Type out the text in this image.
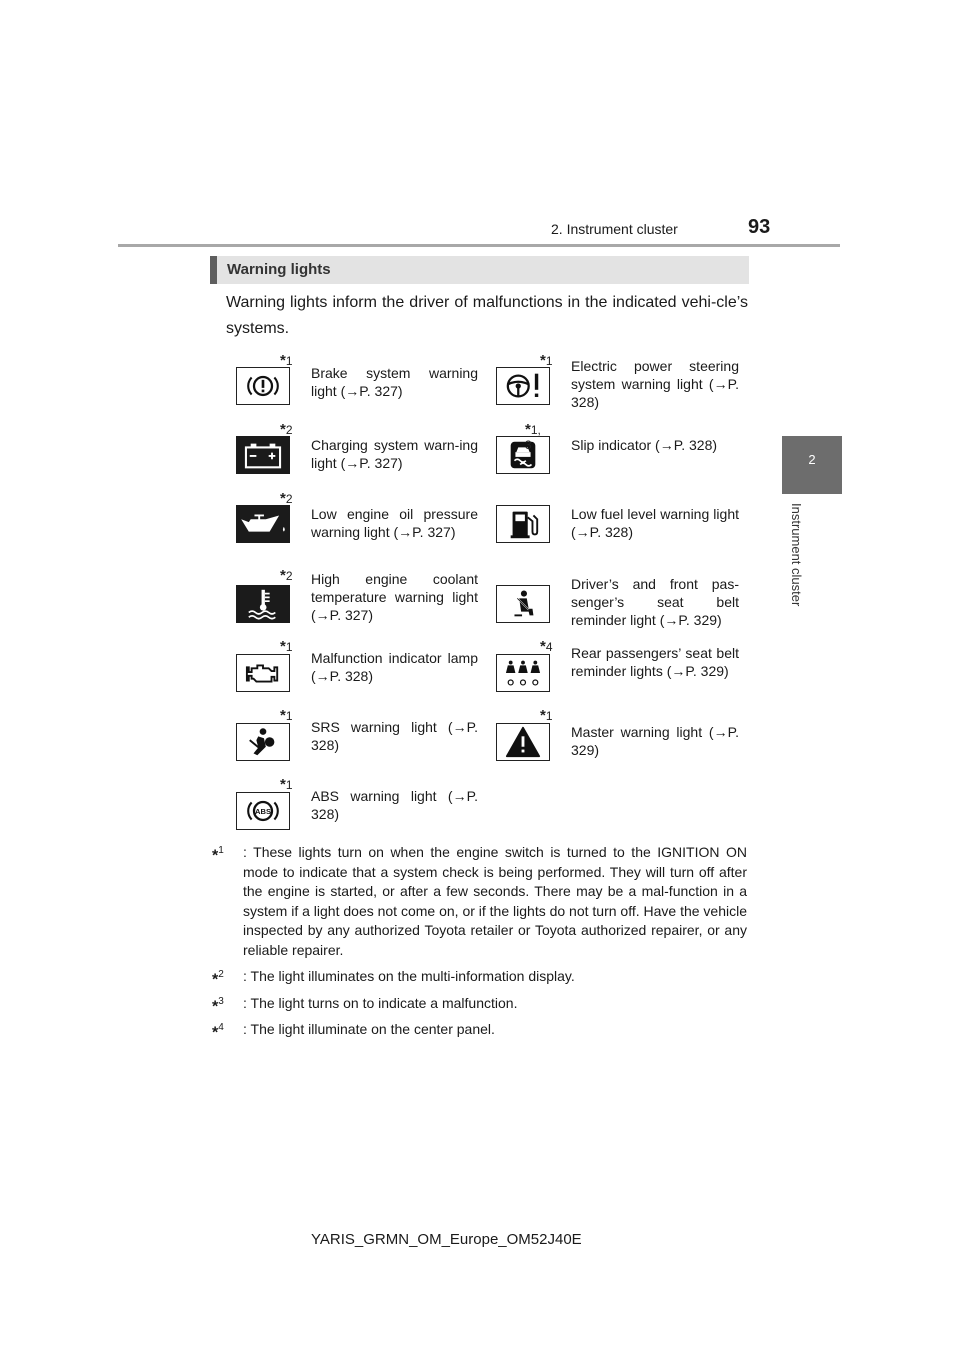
2. Instrument cluster	93
2
Instrument cluster
Warning lights
Warning lights inform the driver of malfunctions in the indicated vehi-cle’s systems.
*1
Brake system warning light (→P. 327)
*1 Electric power steering system warning light (→P. 328)
*2
Charging system warn-ing light (→P. 327)
*1, 3	Slip indicator (→P. 328)
*2
Low engine oil pressure warning light (→P. 327)
Low fuel level warning light (→P. 328)
*2 High engine coolant temperature warning light (→P. 327)
Driver’s and front pas-senger’s seat belt reminder light (→P. 329)
*1
Malfunction indicator lamp (→P. 328)
*4 Rear passengers’ seat belt reminder lights (→P. 329)
*1
SRS warning light (→P. 328)
*1
Master warning light (→P. 329)
ABS
*1
ABS warning light (→P. 328)
*$^1$ : These lights turn on when the engine switch is turned to the IGNITION ON mode to indicate that a system check is being performed. They will turn off after the engine is started, or after a few seconds. There may be a mal-function in a system if a light does not come on, or if the lights do not turn off. Have the vehicle inspected by any authorized Toyota retailer or Toyota authorized repairer, or any reliable repairer.
*$^2$ : The light illuminates on the multi-information display.
*$^3$ : The light turns on to indicate a malfunction.
*$^4$ : The light illuminate on the center panel.
YARIS_GRMN_OM_Europe_OM52J40E
